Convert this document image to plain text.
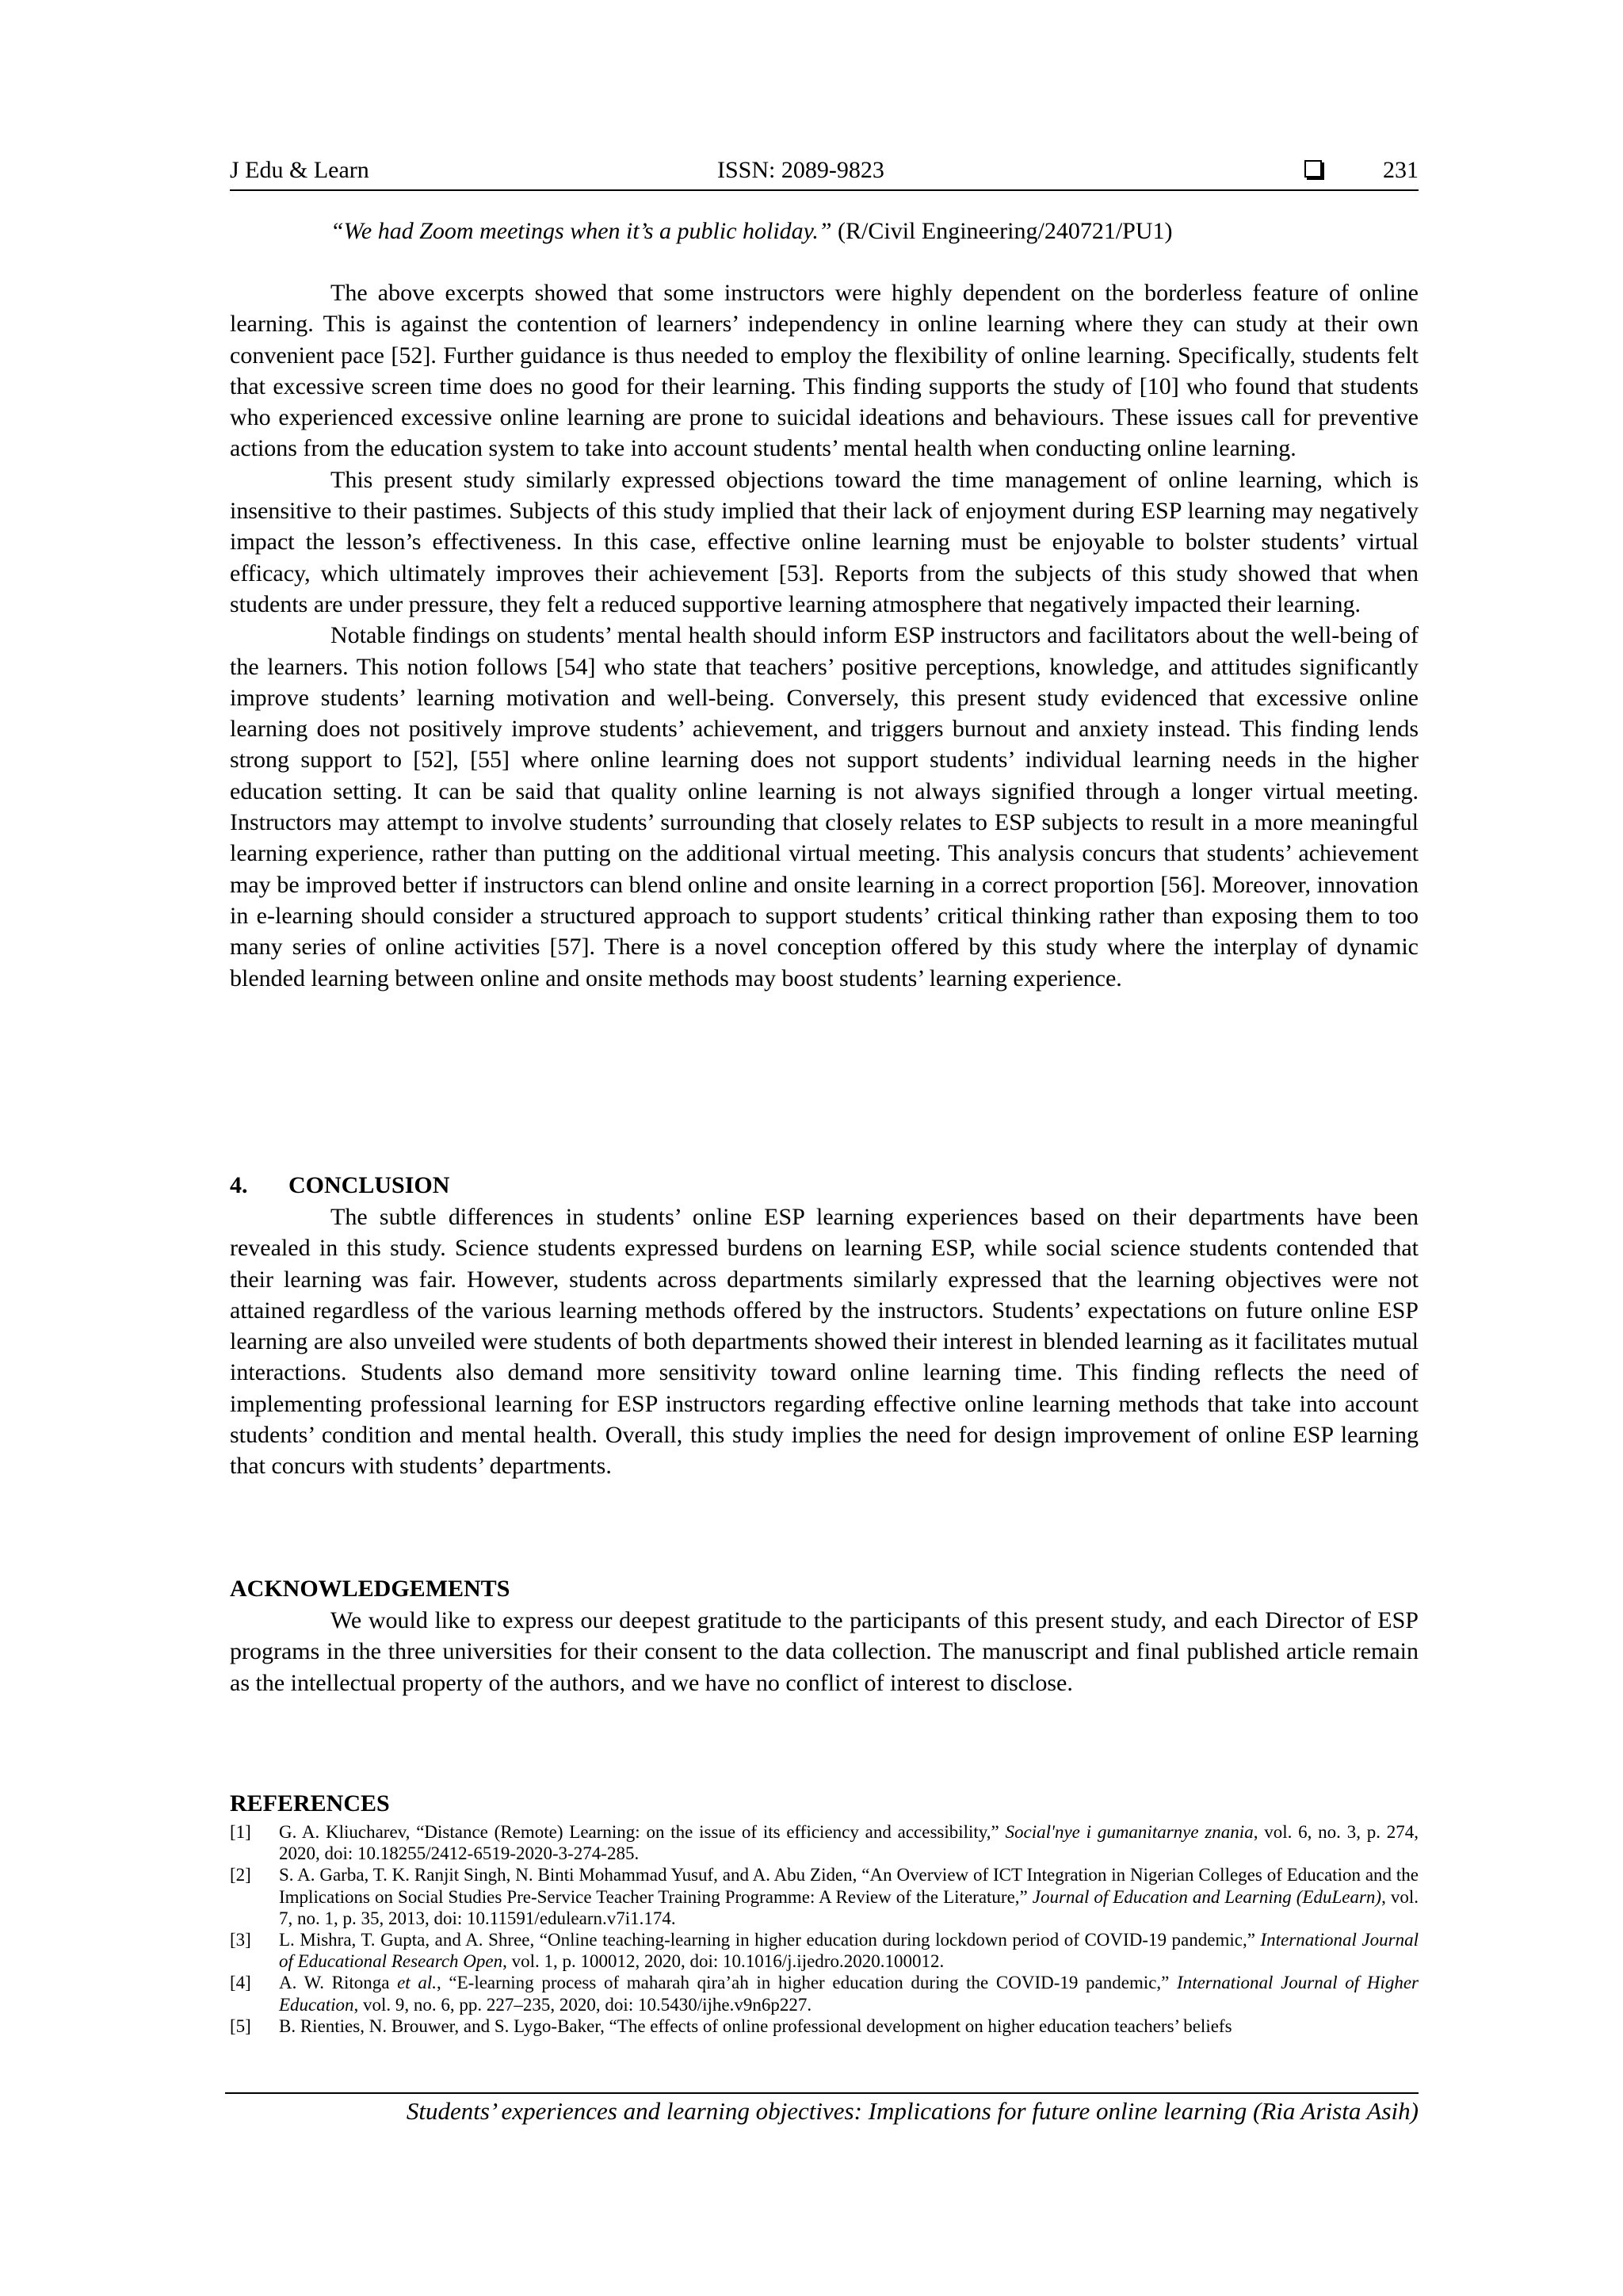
J Edu & Learn	ISSN: 2089-9823	231
“We had Zoom meetings when it’s a public holiday.” (R/Civil Engineering/240721/PU1)

The above excerpts showed that some instructors were highly dependent on the borderless feature of online learning. This is against the contention of learners’ independency in online learning where they can study at their own convenient pace [52]. Further guidance is thus needed to employ the flexibility of online learning. Specifically, students felt that excessive screen time does no good for their learning. This finding supports the study of [10] who found that students who experienced excessive online learning are prone to suicidal ideations and behaviours. These issues call for preventive actions from the education system to take into account students’ mental health when conducting online learning.

This present study similarly expressed objections toward the time management of online learning, which is insensitive to their pastimes. Subjects of this study implied that their lack of enjoyment during ESP learning may negatively impact the lesson’s effectiveness. In this case, effective online learning must be enjoyable to bolster students’ virtual efficacy, which ultimately improves their achievement [53]. Reports from the subjects of this study showed that when students are under pressure, they felt a reduced supportive learning atmosphere that negatively impacted their learning.

Notable findings on students’ mental health should inform ESP instructors and facilitators about the well-being of the learners. This notion follows [54] who state that teachers’ positive perceptions, knowledge, and attitudes significantly improve students’ learning motivation and well-being. Conversely, this present study evidenced that excessive online learning does not positively improve students’ achievement, and triggers burnout and anxiety instead. This finding lends strong support to [52], [55] where online learning does not support students’ individual learning needs in the higher education setting. It can be said that quality online learning is not always signified through a longer virtual meeting. Instructors may attempt to involve students’ surrounding that closely relates to ESP subjects to result in a more meaningful learning experience, rather than putting on the additional virtual meeting. This analysis concurs that students’ achievement may be improved better if instructors can blend online and onsite learning in a correct proportion [56]. Moreover, innovation in e-learning should consider a structured approach to support students’ critical thinking rather than exposing them to too many series of online activities [57]. There is a novel conception offered by this study where the interplay of dynamic blended learning between online and onsite methods may boost students’ learning experience.

4. CONCLUSION

The subtle differences in students’ online ESP learning experiences based on their departments have been revealed in this study. Science students expressed burdens on learning ESP, while social science students contended that their learning was fair. However, students across departments similarly expressed that the learning objectives were not attained regardless of the various learning methods offered by the instructors. Students’ expectations on future online ESP learning are also unveiled were students of both departments showed their interest in blended learning as it facilitates mutual interactions. Students also demand more sensitivity toward online learning time. This finding reflects the need of implementing professional learning for ESP instructors regarding effective online learning methods that take into account students’ condition and mental health. Overall, this study implies the need for design improvement of online ESP learning that concurs with students’ departments.

ACKNOWLEDGEMENTS

We would like to express our deepest gratitude to the participants of this present study, and each Director of ESP programs in the three universities for their consent to the data collection. The manuscript and final published article remain as the intellectual property of the authors, and we have no conflict of interest to disclose.

REFERENCES

[1] G. A. Kliucharev, “Distance (Remote) Learning: on the issue of its efficiency and accessibility,” Social'nye i gumanitarnye znania, vol. 6, no. 3, p. 274, 2020, doi: 10.18255/2412-6519-2020-3-274-285.

[2] S. A. Garba, T. K. Ranjit Singh, N. Binti Mohammad Yusuf, and A. Abu Ziden, “An Overview of ICT Integration in Nigerian Colleges of Education and the Implications on Social Studies Pre-Service Teacher Training Programme: A Review of the Literature,” Journal of Education and Learning (EduLearn), vol. 7, no. 1, p. 35, 2013, doi: 10.11591/edulearn.v7i1.174.

[3] L. Mishra, T. Gupta, and A. Shree, “Online teaching-learning in higher education during lockdown period of COVID-19 pandemic,” International Journal of Educational Research Open, vol. 1, p. 100012, 2020, doi: 10.1016/j.ijedro.2020.100012.

[4] A. W. Ritonga et al., “E-learning process of maharah qira’ah in higher education during the COVID-19 pandemic,” International Journal of Higher Education, vol. 9, no. 6, pp. 227–235, 2020, doi: 10.5430/ijhe.v9n6p227.

[5] B. Rienties, N. Brouwer, and S. Lygo-Baker, “The effects of online professional development on higher education teachers’ beliefs

Students’ experiences and learning objectives: Implications for future online learning (Ria Arista Asih)
